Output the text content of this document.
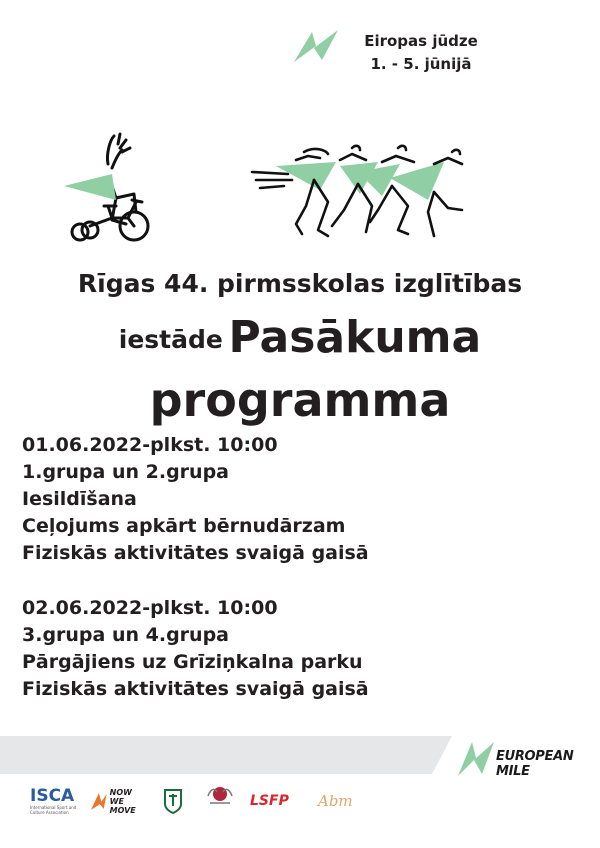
Eiropas jūdze
1. - 5. jūnijā
Rīgas 44. pirmsskolas izglītības
iestāde Pasākuma
programma
01.06.2022-plkst. 10:00
1.grupa un 2.grupa
Iesildīšana
Ceļojums apkārt bērnudārzam
Fiziskās aktivitātes svaigā gaisā
02.06.2022-plkst. 10:00
3.grupa un 4.grupa
Pārgājiens uz Grīziņkalna parku
Fiziskās aktivitātes svaigā gaisā
EUROPEAN MILE
ISCA
International Sport and Culture Association
NOW
WE MOVE
LSFP Abm
